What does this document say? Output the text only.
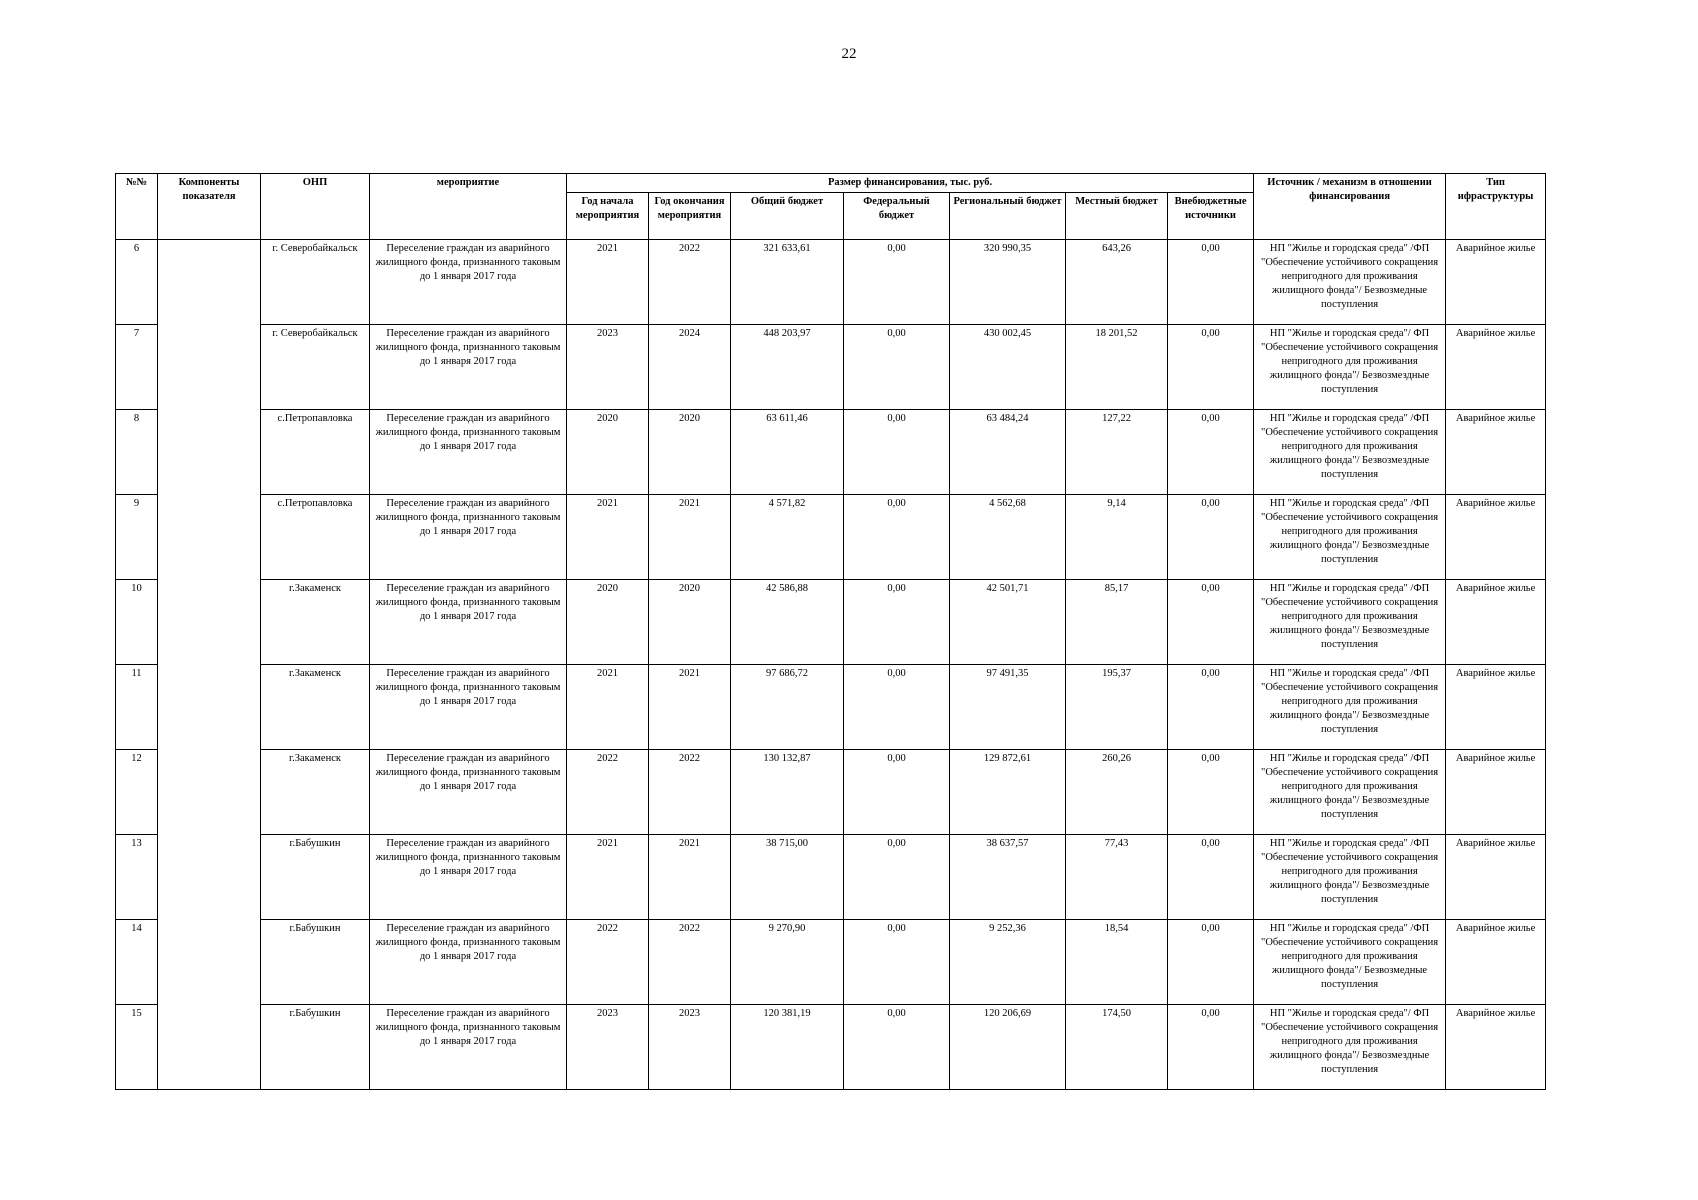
22
№№	Компоненты показателя	ОНП	мероприятие	Размер финансирования, тыс. руб.							Источник / механизм в отношении финансирования	Тип ифраструктуры
				Год начала мероприятия	Год окончания мероприятия	Общий бюджет	Федеральный бюджет	Региональный бюджет	Местный бюджет	Внебюджетные источники		
6		г. Северобайкальск	Переселение граждан из аварийного жилищного фонда, признанного таковым до 1 января 2017 года	2021	2022	321 633,61	0,00	320 990,35	643,26	0,00	НП "Жилье и городская среда" /ФП
"Обеспечение устойчивого сокращения
непригодного для проживания
жилищного фонда"/ Безвозмедные
поступления	Аварийное жилье
7		г. Северобайкальск	Переселение граждан из аварийного жилищного фонда, признанного таковым до 1 января 2017 года	2023	2024	448 203,97	0,00	430 002,45	18 201,52	0,00	НП "Жилье и городская среда"/ ФП
"Обеспечение устойчивого сокращения
непригодного для проживания
жилищного фонда"/ Безвозмездные
поступления	Аварийное жилье
8		с.Петропавловка	Переселение граждан из аварийного жилищного фонда, признанного таковым до 1 января 2017 года	2020	2020	63 611,46	0,00	63 484,24	127,22	0,00	НП "Жилье и городская среда" /ФП
"Обеспечение устойчивого сокращения
непригодного для проживания
жилищного фонда"/ Безвозмездные
поступления	Аварийное жилье
9		с.Петропавловка	Переселение граждан из аварийного жилищного фонда, признанного таковым до 1 января 2017 года	2021	2021	4 571,82	0,00	4 562,68	9,14	0,00	НП "Жилье и городская среда" /ФП
"Обеспечение устойчивого сокращения
непригодного для проживания
жилищного фонда"/ Безвозмездные
поступления	Аварийное жилье
10		г.Закаменск	Переселение граждан из аварийного жилищного фонда, признанного таковым до 1 января 2017 года	2020	2020	42 586,88	0,00	42 501,71	85,17	0,00	НП "Жилье и городская среда" /ФП
"Обеспечение устойчивого сокращения
непригодного для проживания
жилищного фонда"/ Безвозмездные
поступления	Аварийное жилье
11		г.Закаменск	Переселение граждан из аварийного жилищного фонда, признанного таковым до 1 января 2017 года	2021	2021	97 686,72	0,00	97 491,35	195,37	0,00	НП "Жилье и городская среда" /ФП
"Обеспечение устойчивого сокращения
непригодного для проживания
жилищного фонда"/ Безвозмездные
поступления	Аварийное жилье
12		г.Закаменск	Переселение граждан из аварийного жилищного фонда, признанного таковым до 1 января 2017 года	2022	2022	130 132,87	0,00	129 872,61	260,26	0,00	НП "Жилье и городская среда" /ФП
"Обеспечение устойчивого сокращения
непригодного для проживания
жилищного фонда"/ Безвозмездные
поступления	Аварийное жилье
13		г.Бабушкин	Переселение граждан из аварийного жилищного фонда, признанного таковым до 1 января 2017 года	2021	2021	38 715,00	0,00	38 637,57	77,43	0,00	НП "Жилье и городская среда" /ФП
"Обеспечение устойчивого сокращения
непригодного для проживания
жилищного фонда"/ Безвозмездные
поступления	Аварийное жилье
14		г.Бабушкин	Переселение граждан из аварийного жилищного фонда, признанного таковым до 1 января 2017 года	2022	2022	9 270,90	0,00	9 252,36	18,54	0,00	НП "Жилье и городская среда" /ФП
"Обеспечение устойчивого сокращения
непригодного для проживания
жилищного фонда"/ Безвозмедные
поступления	Аварийное жилье
15		г.Бабушкин	Переселение граждан из аварийного жилищного фонда, признанного таковым до 1 января 2017 года	2023	2023	120 381,19	0,00	120 206,69	174,50	0,00	НП "Жилье и городская среда"/ ФП
"Обеспечение устойчивого сокращения
непригодного для проживания
жилищного фонда"/ Безвозмездные
поступления	Аварийное жилье
